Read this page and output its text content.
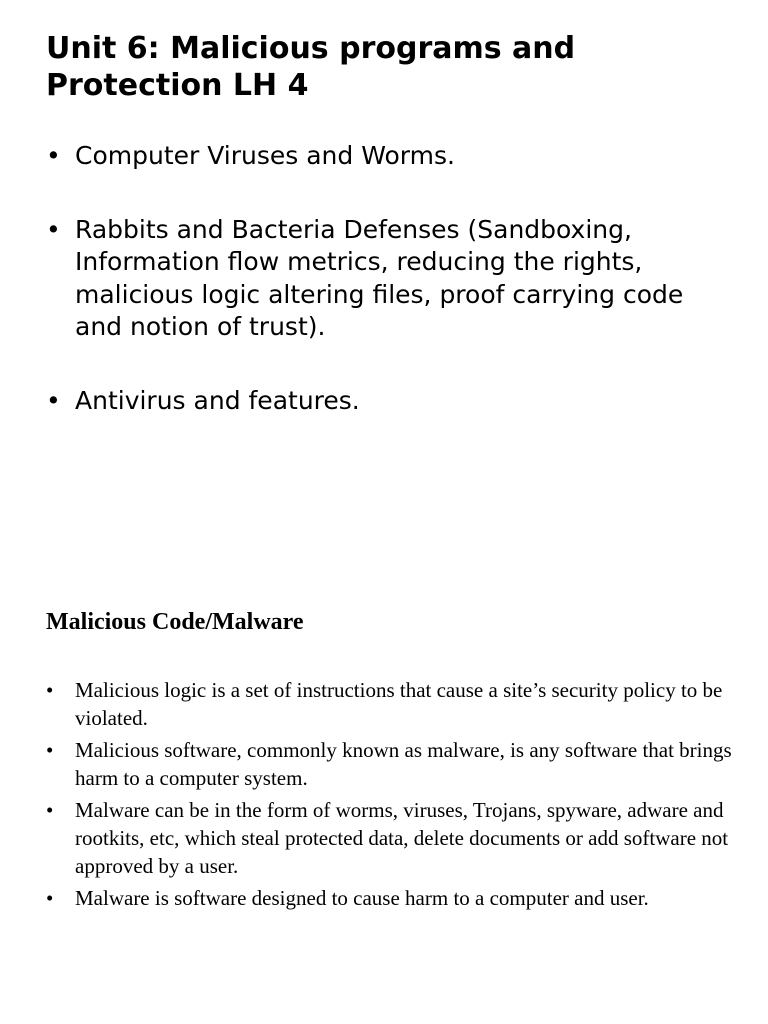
Unit 6: Malicious programs and Protection LH 4
• Computer Viruses and Worms.
• Rabbits and Bacteria Defenses (Sandboxing, Information flow metrics, reducing the rights, malicious logic altering files, proof carrying code and notion of trust).
• Antivirus and features.
Malicious Code/Malware
• Malicious logic is a set of instructions that cause a site’s security policy to be violated.
• Malicious software, commonly known as malware, is any software that brings harm to a computer system.
• Malware can be in the form of worms, viruses, Trojans, spyware, adware and rootkits, etc, which steal protected data, delete documents or add software not approved by a user.
• Malware is software designed to cause harm to a computer and user.
